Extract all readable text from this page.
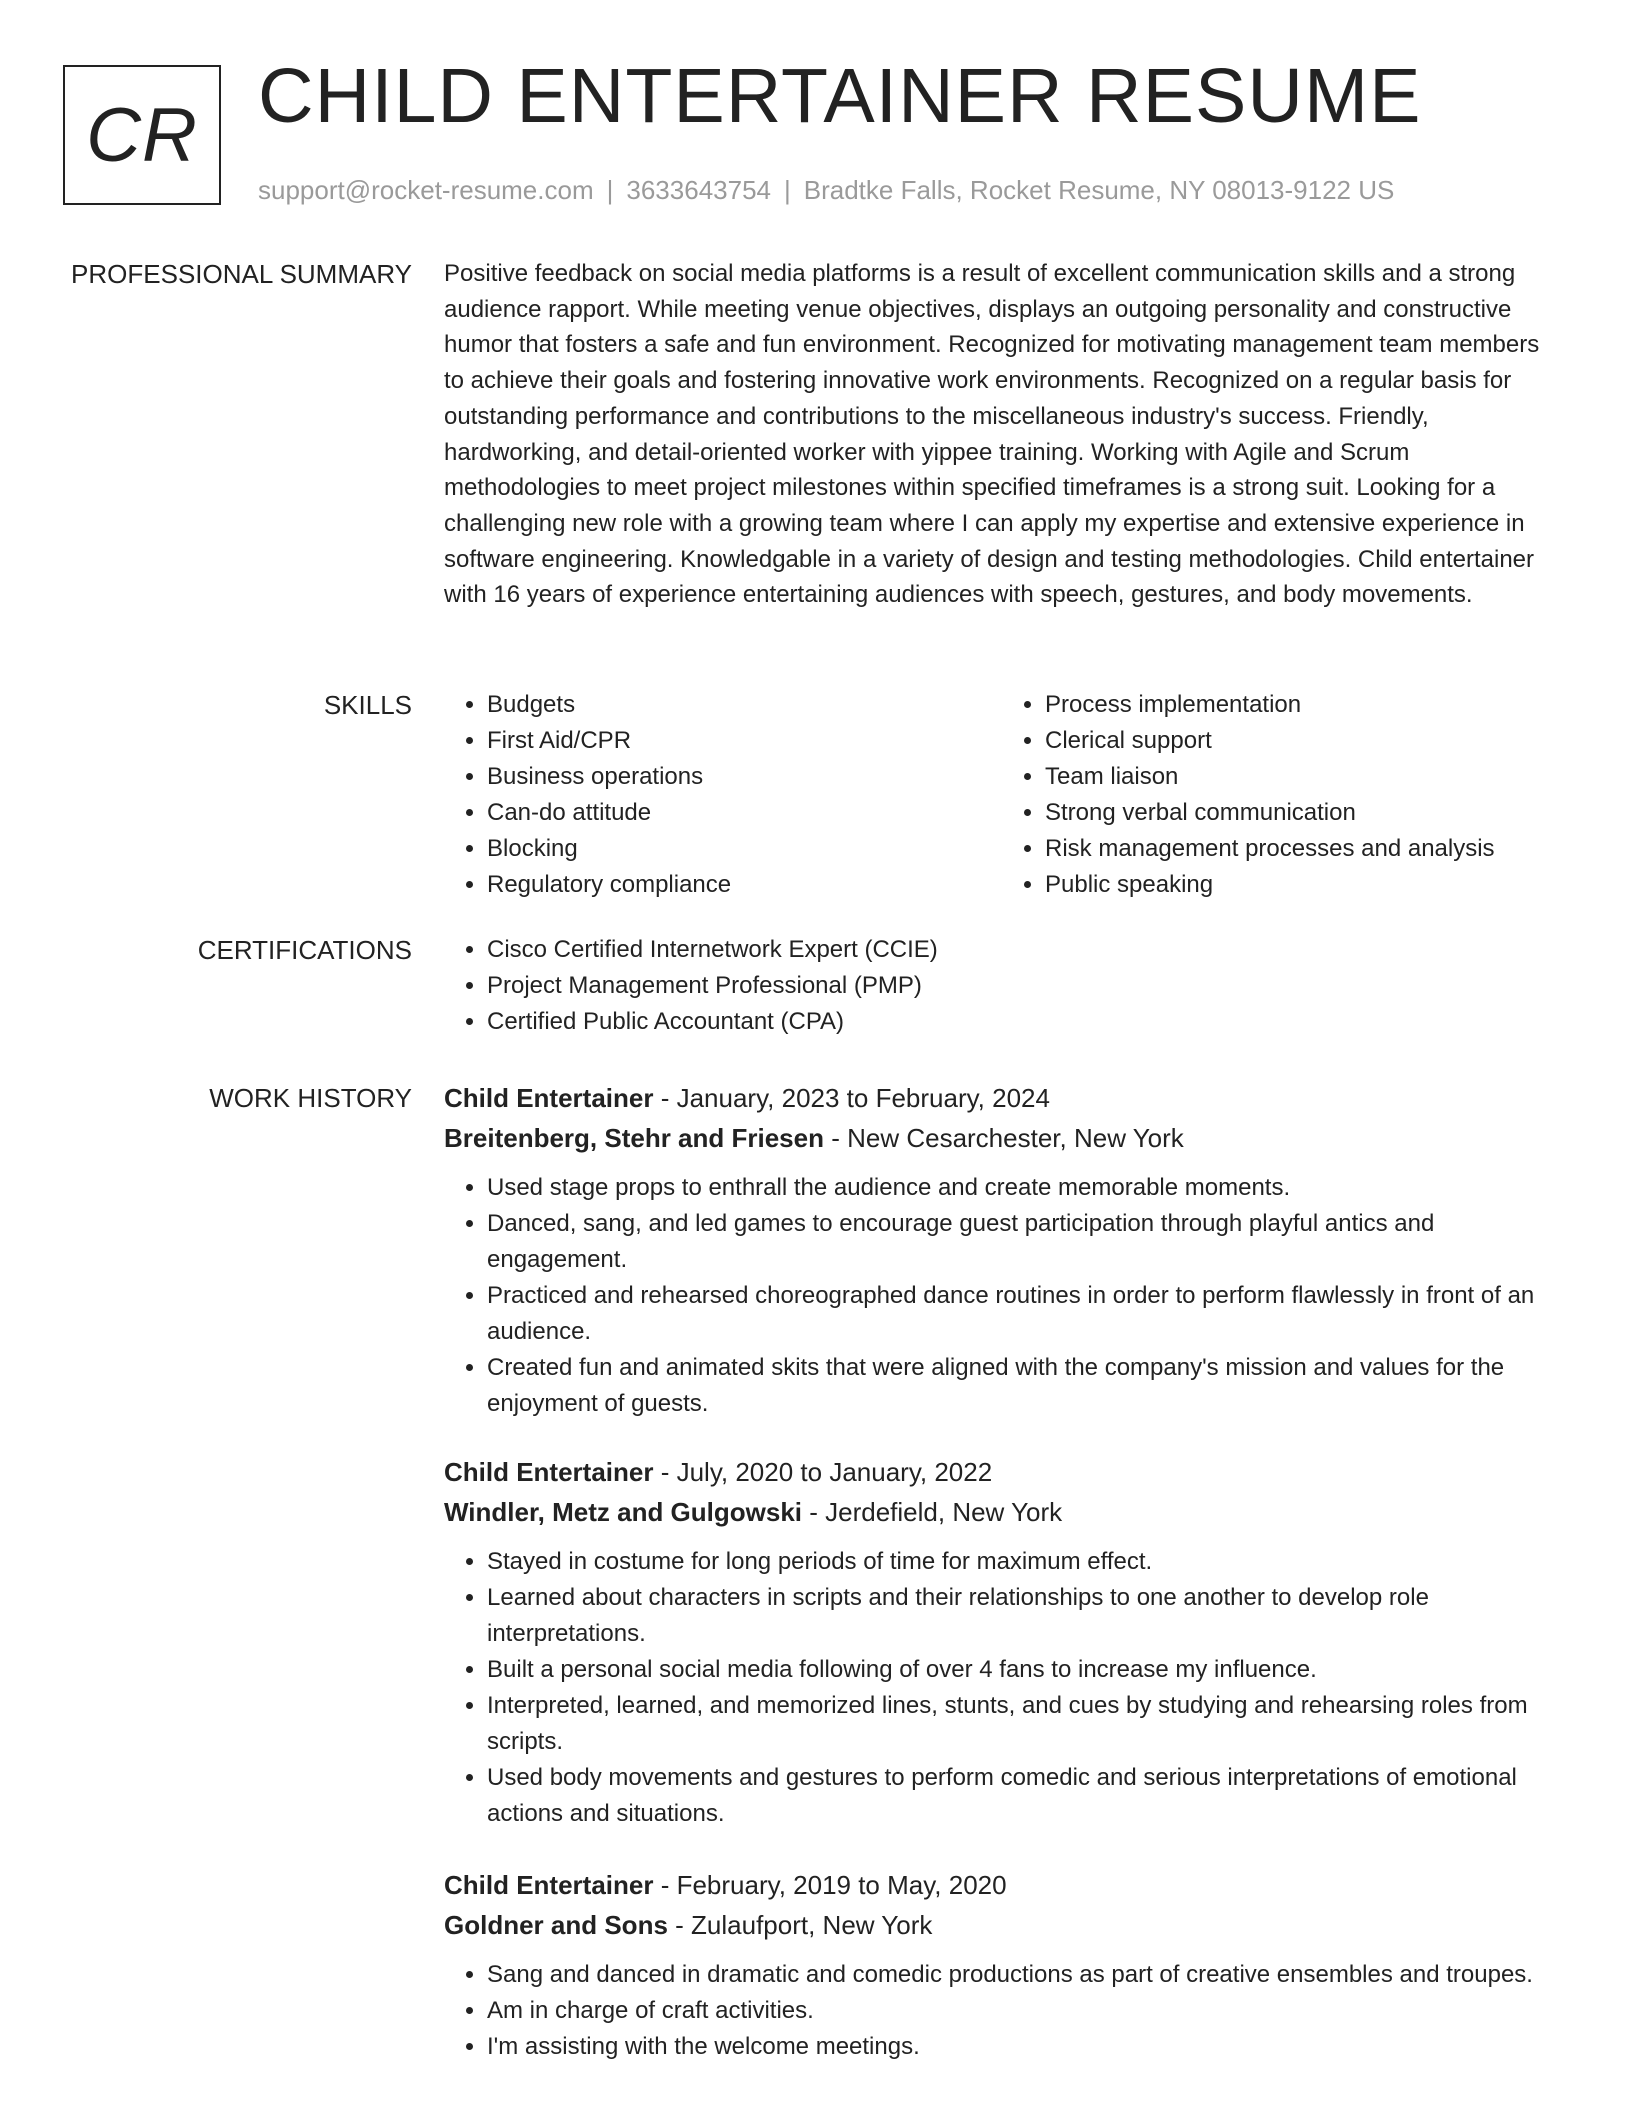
CR CHILD ENTERTAINER RESUME
support@rocket-resume.com | 3633643754 | Bradtke Falls, Rocket Resume, NY 08013-9122 US
PROFESSIONAL SUMMARY Positive feedback on social media platforms is a result of excellent communication skills and a strong audience rapport. While meeting venue objectives, displays an outgoing personality and constructive humor that fosters a safe and fun environment. Recognized for motivating management team members to achieve their goals and fostering innovative work environments. Recognized on a regular basis for outstanding performance and contributions to the miscellaneous industry's success. Friendly, hardworking, and detail-oriented worker with yippee training. Working with Agile and Scrum methodologies to meet project milestones within specified timeframes is a strong suit. Looking for a challenging new role with a growing team where I can apply my expertise and extensive experience in software engineering. Knowledgable in a variety of design and testing methodologies. Child entertainer with 16 years of experience entertaining audiences with speech, gestures, and body movements.
SKILLS	• Budgets
• First Aid/CPR
• Business operations
• Can-do attitude
• Blocking
• Regulatory compliance
• Process implementation
• Clerical support
• Team liaison
• Strong verbal communication
• Risk management processes and analysis
• Public speaking
CERTIFICATIONS	• Cisco Certified Internetwork Expert (CCIE)
• Project Management Professional (PMP)
• Certified Public Accountant (CPA)
WORK HISTORY Child Entertainer - January, 2023 to February, 2024
Breitenberg, Stehr and Friesen - New Cesarchester, New York
• Used stage props to enthrall the audience and create memorable moments.
• Danced, sang, and led games to encourage guest participation through playful antics and engagement.
• Practiced and rehearsed choreographed dance routines in order to perform flawlessly in front of an audience.
• Created fun and animated skits that were aligned with the company's mission and values for the enjoyment of guests.
Child Entertainer - July, 2020 to January, 2022
Windler, Metz and Gulgowski - Jerdefield, New York
• Stayed in costume for long periods of time for maximum effect.
• Learned about characters in scripts and their relationships to one another to develop role interpretations.
• Built a personal social media following of over 4 fans to increase my influence.
• Interpreted, learned, and memorized lines, stunts, and cues by studying and rehearsing roles from scripts.
• Used body movements and gestures to perform comedic and serious interpretations of emotional actions and situations.
Child Entertainer - February, 2019 to May, 2020
Goldner and Sons - Zulaufport, New York
• Sang and danced in dramatic and comedic productions as part of creative ensembles and troupes.
• Am in charge of craft activities.
• I'm assisting with the welcome meetings.
